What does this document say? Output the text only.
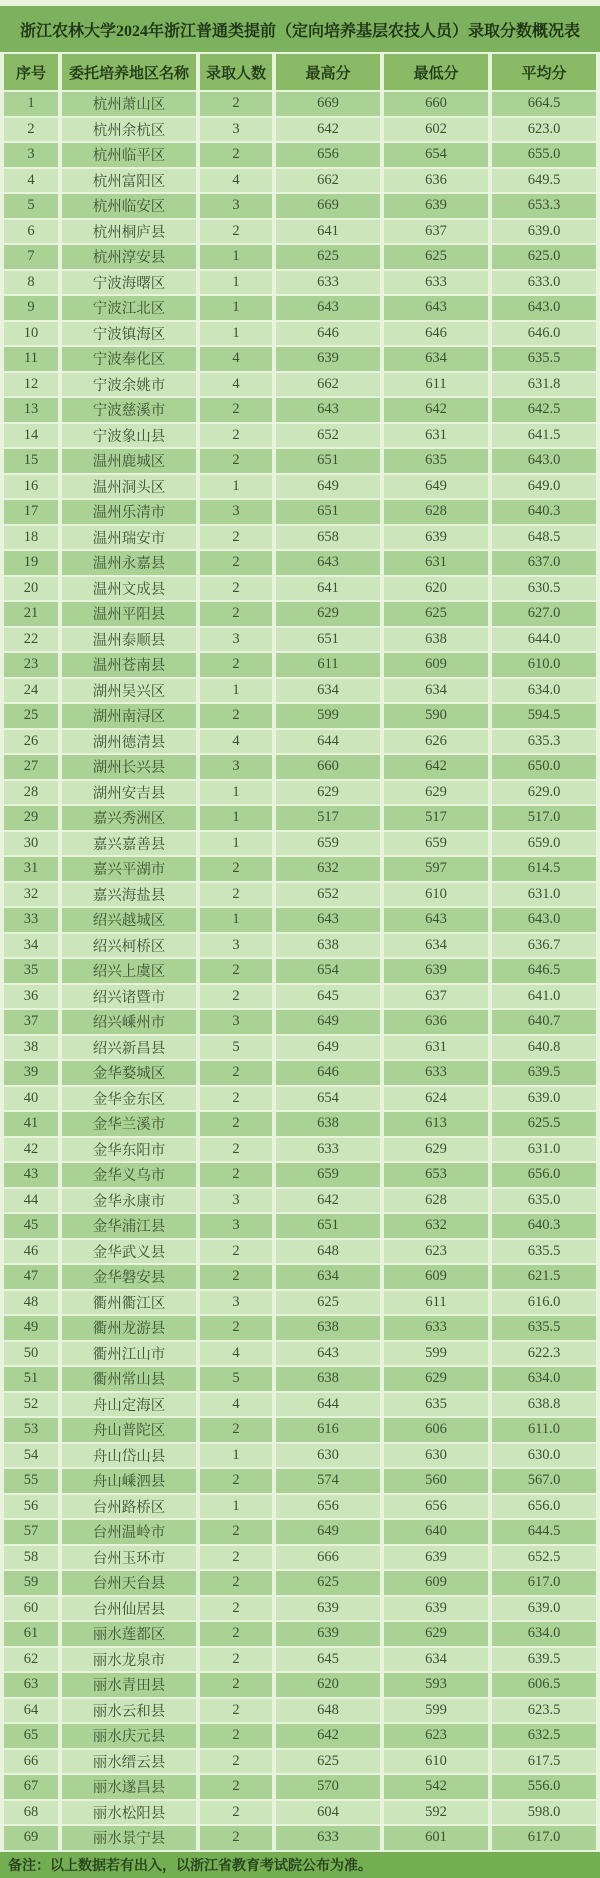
浙江农林大学2024年浙江普通类提前（定向培养基层农技人员）录取分数概况表
序号	委托培养地区名称	录取人数	最高分	最低分	平均分
1	杭州萧山区	2	669	660	664.5
2	杭州余杭区	3	642	602	623.0
3	杭州临平区	2	656	654	655.0
4	杭州富阳区	4	662	636	649.5
5	杭州临安区	3	669	639	653.3
6	杭州桐庐县	2	641	637	639.0
7	杭州淳安县	1	625	625	625.0
8	宁波海曙区	1	633	633	633.0
9	宁波江北区	1	643	643	643.0
10	宁波镇海区	1	646	646	646.0
11	宁波奉化区	4	639	634	635.5
12	宁波余姚市	4	662	611	631.8
13	宁波慈溪市	2	643	642	642.5
14	宁波象山县	2	652	631	641.5
15	温州鹿城区	2	651	635	643.0
16	温州洞头区	1	649	649	649.0
17	温州乐清市	3	651	628	640.3
18	温州瑞安市	2	658	639	648.5
19	温州永嘉县	2	643	631	637.0
20	温州文成县	2	641	620	630.5
21	温州平阳县	2	629	625	627.0
22	温州泰顺县	3	651	638	644.0
23	温州苍南县	2	611	609	610.0
24	湖州吴兴区	1	634	634	634.0
25	湖州南浔区	2	599	590	594.5
26	湖州德清县	4	644	626	635.3
27	湖州长兴县	3	660	642	650.0
28	湖州安吉县	1	629	629	629.0
29	嘉兴秀洲区	1	517	517	517.0
30	嘉兴嘉善县	1	659	659	659.0
31	嘉兴平湖市	2	632	597	614.5
32	嘉兴海盐县	2	652	610	631.0
33	绍兴越城区	1	643	643	643.0
34	绍兴柯桥区	3	638	634	636.7
35	绍兴上虞区	2	654	639	646.5
36	绍兴诸暨市	2	645	637	641.0
37	绍兴嵊州市	3	649	636	640.7
38	绍兴新昌县	5	649	631	640.8
39	金华婺城区	2	646	633	639.5
40	金华金东区	2	654	624	639.0
41	金华兰溪市	2	638	613	625.5
42	金华东阳市	2	633	629	631.0
43	金华义乌市	2	659	653	656.0
44	金华永康市	3	642	628	635.0
45	金华浦江县	3	651	632	640.3
46	金华武义县	2	648	623	635.5
47	金华磐安县	2	634	609	621.5
48	衢州衢江区	3	625	611	616.0
49	衢州龙游县	2	638	633	635.5
50	衢州江山市	4	643	599	622.3
51	衢州常山县	5	638	629	634.0
52	舟山定海区	4	644	635	638.8
53	舟山普陀区	2	616	606	611.0
54	舟山岱山县	1	630	630	630.0
55	舟山嵊泗县	2	574	560	567.0
56	台州路桥区	1	656	656	656.0
57	台州温岭市	2	649	640	644.5
58	台州玉环市	2	666	639	652.5
59	台州天台县	2	625	609	617.0
60	台州仙居县	2	639	639	639.0
61	丽水莲都区	2	639	629	634.0
62	丽水龙泉市	2	645	634	639.5
63	丽水青田县	2	620	593	606.5
64	丽水云和县	2	648	599	623.5
65	丽水庆元县	2	642	623	632.5
66	丽水缙云县	2	625	610	617.5
67	丽水遂昌县	2	570	542	556.0
68	丽水松阳县	2	604	592	598.0
69	丽水景宁县	2	633	601	617.0
备注：以上数据若有出入，以浙江省教育考试院公布为准。
